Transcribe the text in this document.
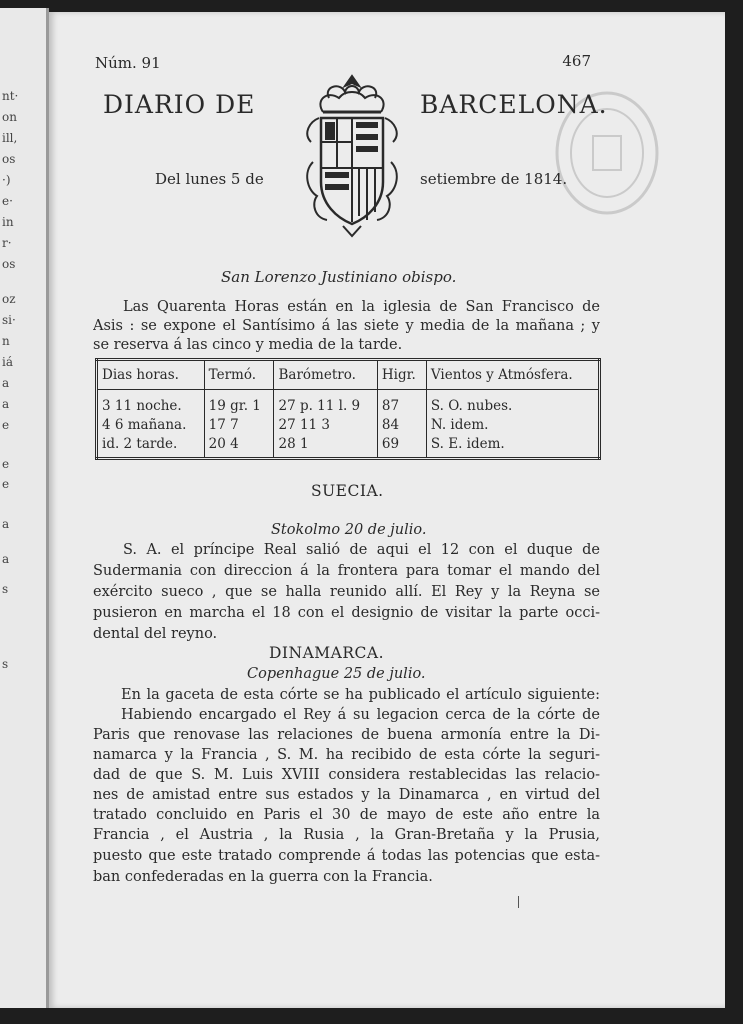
nt·
on
ill,
os
·)
e·
in
r·
os
oz
si·
n
iá
a
a
e
e
e
a
a
s
s
Núm. 91	467
DIARIO DE	BARCELONA.
Del lunes 5 de	setiembre de 1814.
San Lorenzo Justiniano obispo.
Las Quarenta Horas están en la iglesia de San Francisco de
Asis : se expone el Santísimo á las siete y media de la mañana ; y
se reserva á las cinco y media de la tarde.
Dias horas.	Termó.	Barómetro.	Higr.	Vientos y Atmósfera.
3 11 noche.	19 gr. 1	27 p. 11 l. 9	87	S. O. nubes.
4 6 mañana.	17 7	27 11 3	84	N. idem.
id. 2 tarde.	20 4	28 1	69	S. E. idem.
SUECIA.
Stokolmo 20 de julio.
S. A. el príncipe Real salió de aqui el 12 con el duque de
Sudermania con direccion á la frontera para tomar el mando del
exército sueco , que se halla reunido allí. El Rey y la Reyna se
pusieron en marcha el 18 con el designio de visitar la parte occi-
dental del reyno.
DINAMARCA.
Copenhague 25 de julio.
En la gaceta de esta córte se ha publicado el artículo siguiente:
Habiendo encargado el Rey á su legacion cerca de la córte de
Paris que renovase las relaciones de buena armonía entre la Di-
namarca y la Francia , S. M. ha recibido de esta córte la seguri-
dad de que S. M. Luis XVIII considera restablecidas las relacio-
nes de amistad entre sus estados y la Dinamarca , en virtud del
tratado concluido en Paris el 30 de mayo de este año entre la
Francia , el Austria , la Rusia , la Gran-Bretaña y la Prusia,
puesto que este tratado comprende á todas las potencias que esta-
ban confederadas en la guerra con la Francia.
